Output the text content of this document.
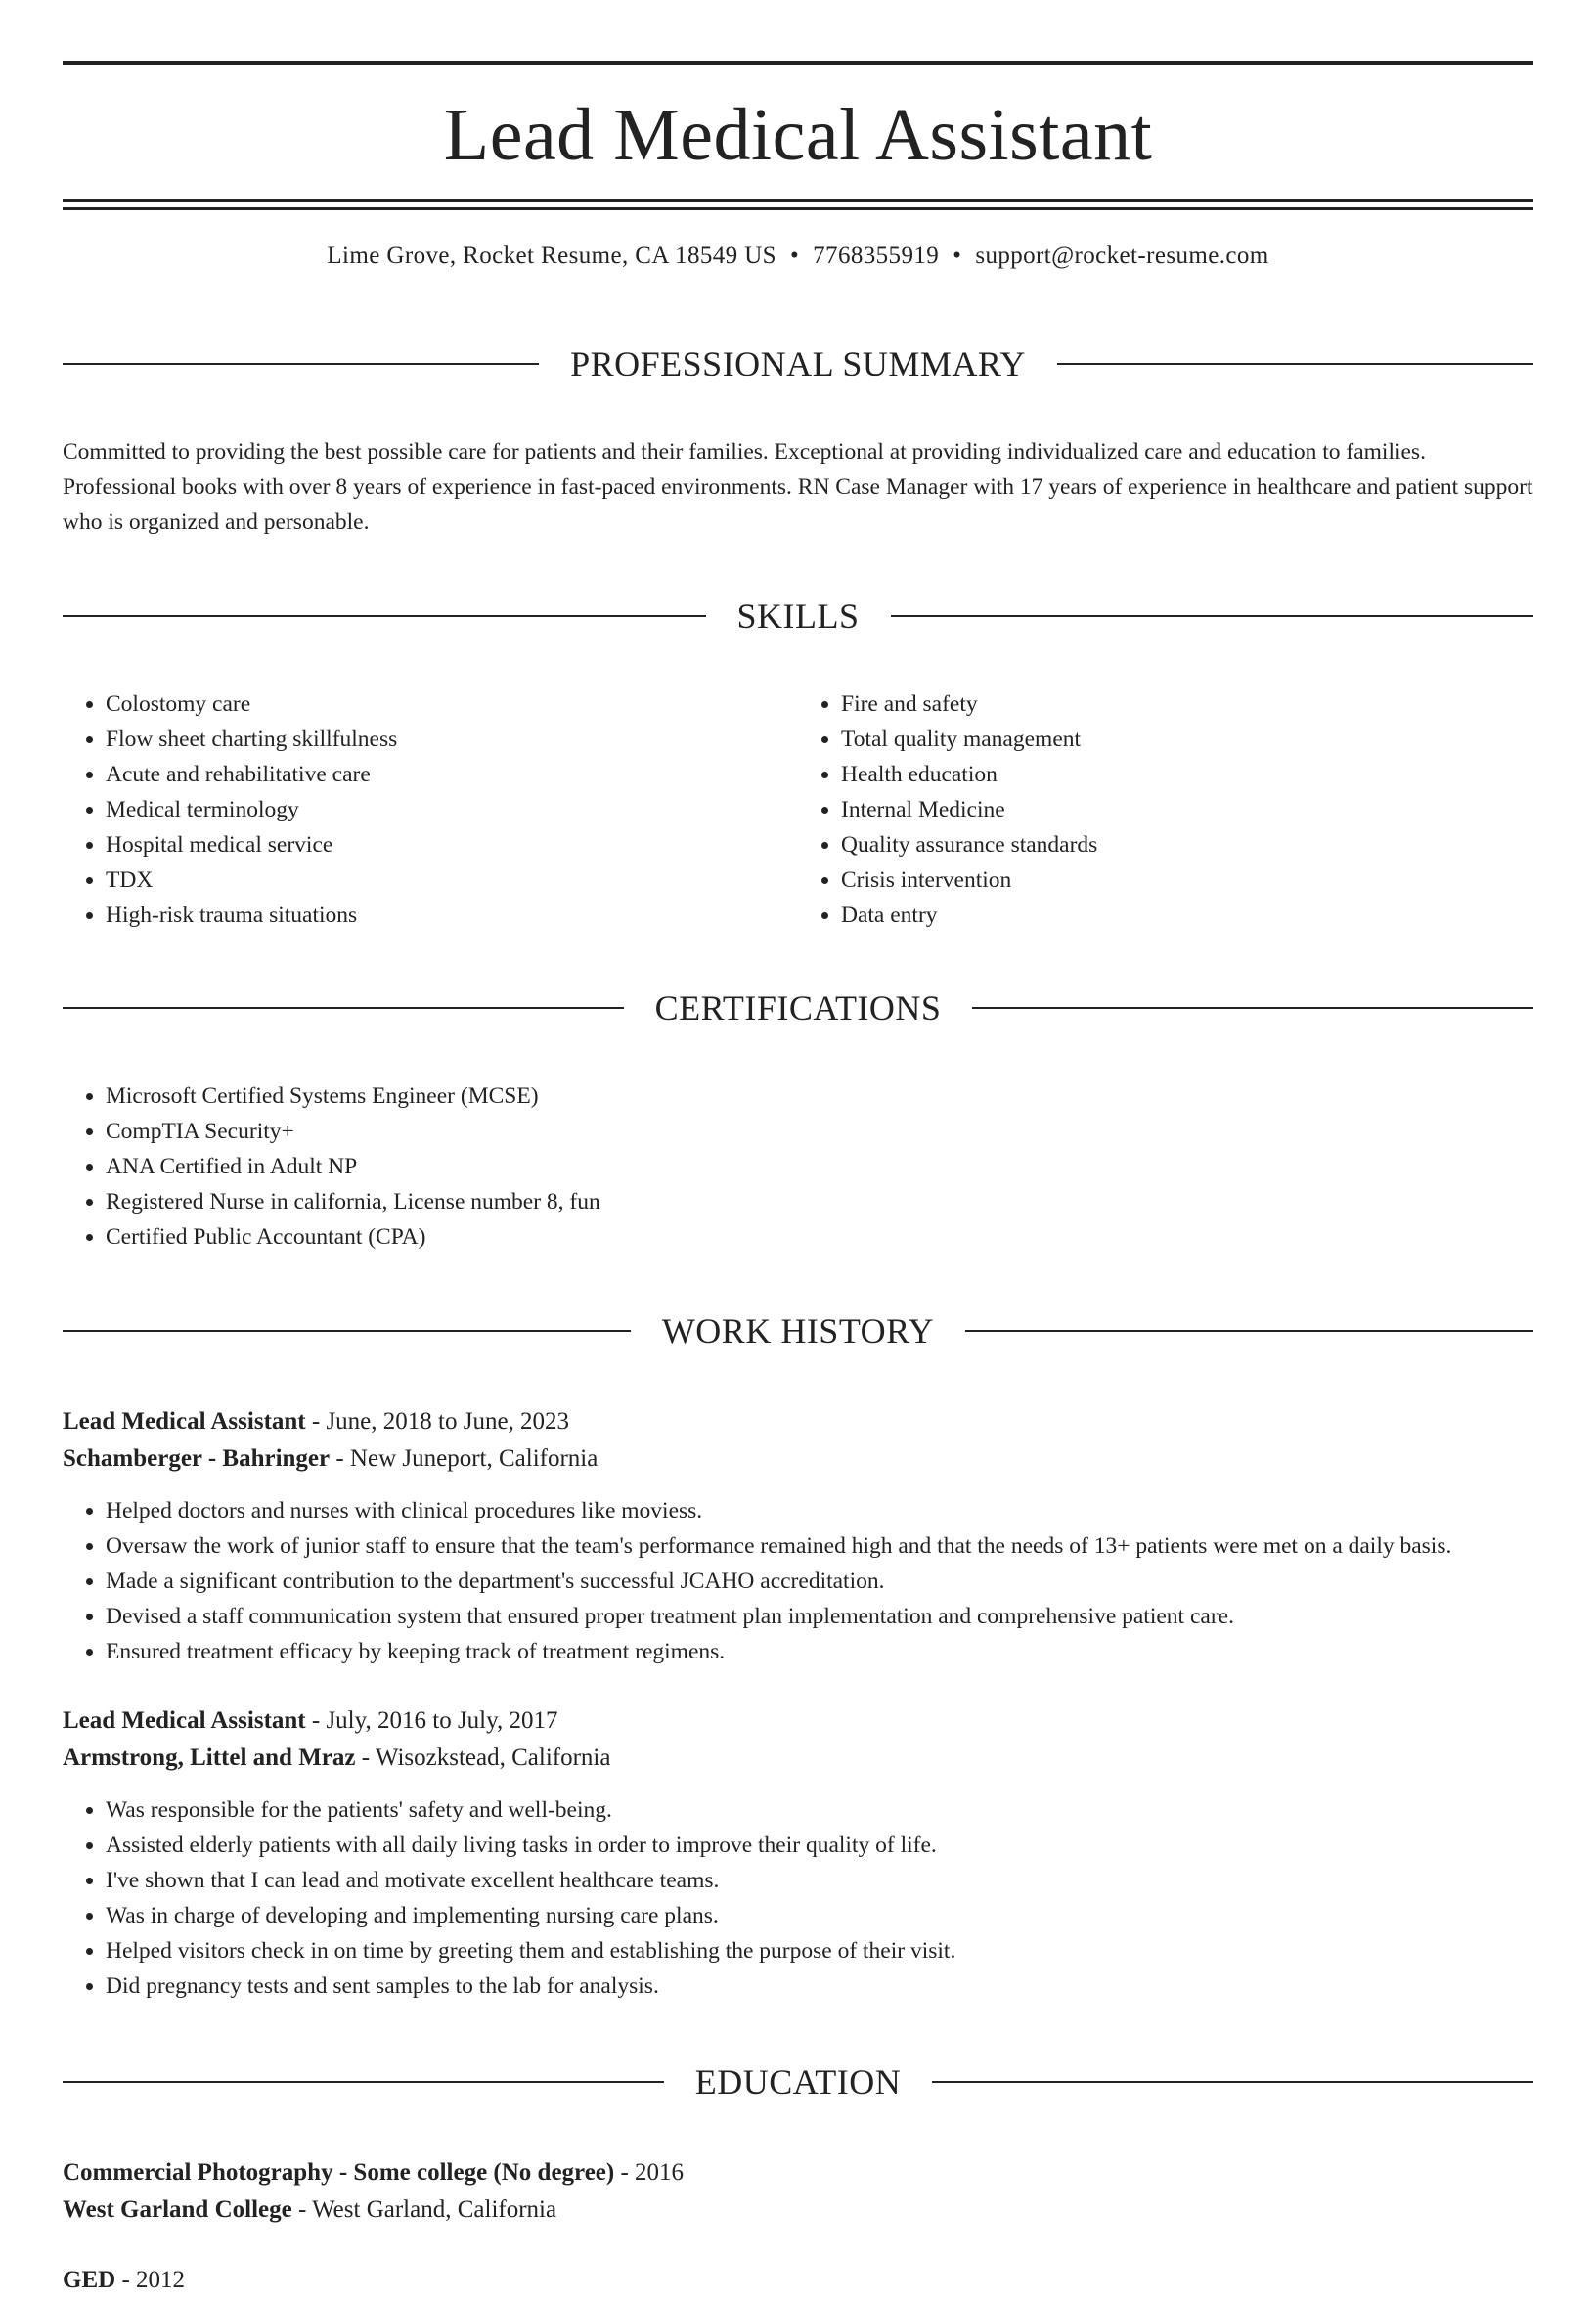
Lead Medical Assistant
Lime Grove, Rocket Resume, CA 18549 US • 7768355919 • support@rocket-resume.com
PROFESSIONAL SUMMARY

Committed to providing the best possible care for patients and their families. Exceptional at providing individualized care and education to families. Professional books with over 8 years of experience in fast-paced environments. RN Case Manager with 17 years of experience in healthcare and patient support who is organized and personable.

SKILLS
• Colostomy care
• Flow sheet charting skillfulness
• Acute and rehabilitative care
• Medical terminology
• Hospital medical service
• TDX
• High-risk trauma situations
• Fire and safety
• Total quality management
• Health education
• Internal Medicine
• Quality assurance standards
• Crisis intervention
• Data entry
CERTIFICATIONS
• Microsoft Certified Systems Engineer (MCSE)
• CompTIA Security+
• ANA Certified in Adult NP
• Registered Nurse in california, License number 8, fun
• Certified Public Accountant (CPA)
WORK HISTORY
Lead Medical Assistant - June, 2018 to June, 2023
Schamberger - Bahringer - New Juneport, California
• Helped doctors and nurses with clinical procedures like moviess.
• Oversaw the work of junior staff to ensure that the team's performance remained high and that the needs of 13+ patients were met on a daily basis.
• Made a significant contribution to the department's successful JCAHO accreditation.
• Devised a staff communication system that ensured proper treatment plan implementation and comprehensive patient care.
• Ensured treatment efficacy by keeping track of treatment regimens.
Lead Medical Assistant - July, 2016 to July, 2017
Armstrong, Littel and Mraz - Wisozkstead, California
• Was responsible for the patients' safety and well-being.
• Assisted elderly patients with all daily living tasks in order to improve their quality of life.
• I've shown that I can lead and motivate excellent healthcare teams.
• Was in charge of developing and implementing nursing care plans.
• Helped visitors check in on time by greeting them and establishing the purpose of their visit.
• Did pregnancy tests and sent samples to the lab for analysis.
EDUCATION
Commercial Photography - Some college (No degree) - 2016
West Garland College - West Garland, California
GED - 2012
